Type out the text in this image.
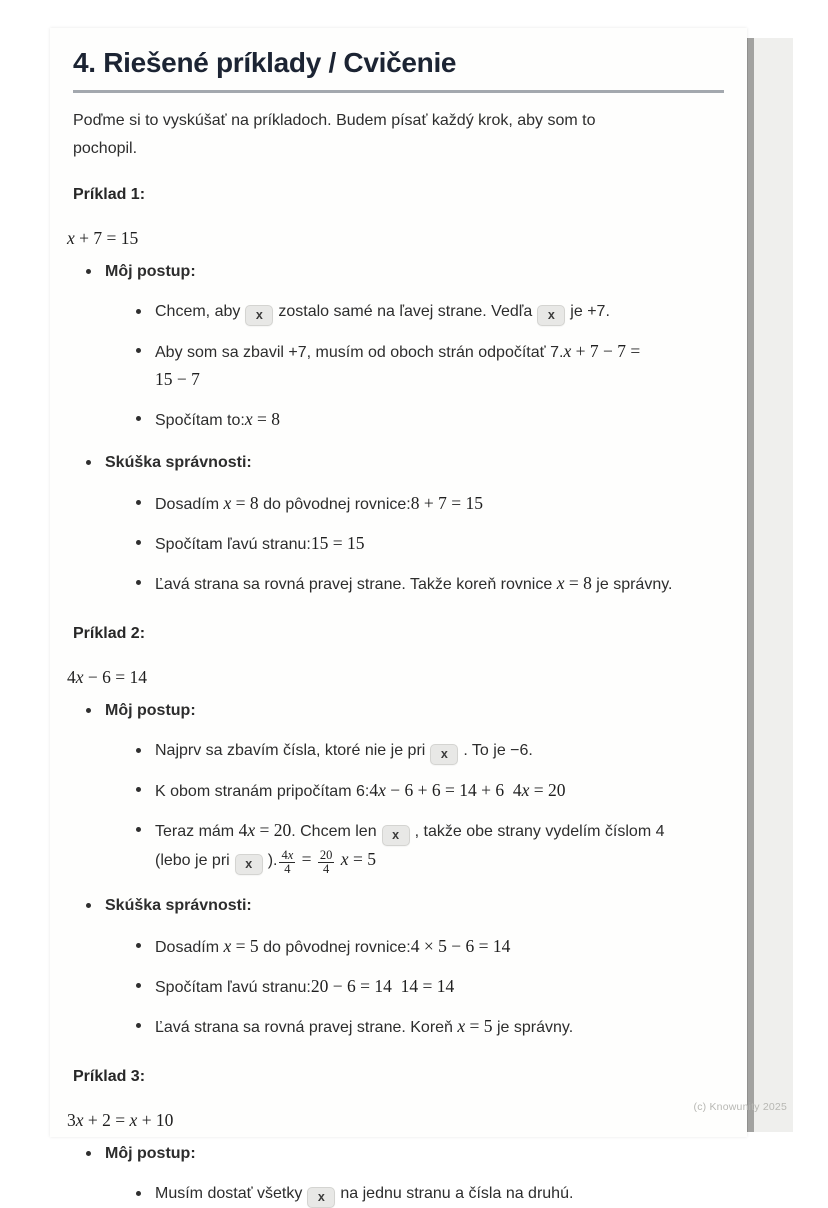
4. Riešené príklady / Cvičenie
Poďme si to vyskúšať na príkladoch. Budem písať každý krok, aby som to
pochopil.
Príklad 1:
x + 7 = 15
Môj postup:
Chcem, aby x zostalo samé na ľavej strane. Vedľa x je +7.
Aby som sa zbavil +7, musím od oboch strán odpočítať 7.x + 7 − 7 =
15 − 7
Spočítam to:x = 8
Skúška správnosti:
Dosadím x = 8 do pôvodnej rovnice:8 + 7 = 15
Spočítam ľavú stranu:15 = 15
Ľavá strana sa rovná pravej strane. Takže koreň rovnice x = 8 je správny.
Príklad 2:
4x − 6 = 14
Môj postup:
Najprv sa zbavím čísla, ktoré nie je pri x . To je −6.
K obom stranám pripočítam 6:4x − 6 + 6 = 14 + 6  4x = 20
Teraz mám 4x = 20. Chcem len x , takže obe strany vydelím číslom 4
(lebo je pri x ). $\frac{4x}{4} = \frac{20}{4}$ x = 5
Skúška správnosti:
Dosadím x = 5 do pôvodnej rovnice:4 × 5 − 6 = 14
Spočítam ľavú stranu:20 − 6 = 14  14 = 14
Ľavá strana sa rovná pravej strane. Koreň x = 5 je správny.
Príklad 3:
3x + 2 = x + 10
Môj postup:
Musím dostať všetky x na jednu stranu a čísla na druhú.
(c) Knowunity 2025
